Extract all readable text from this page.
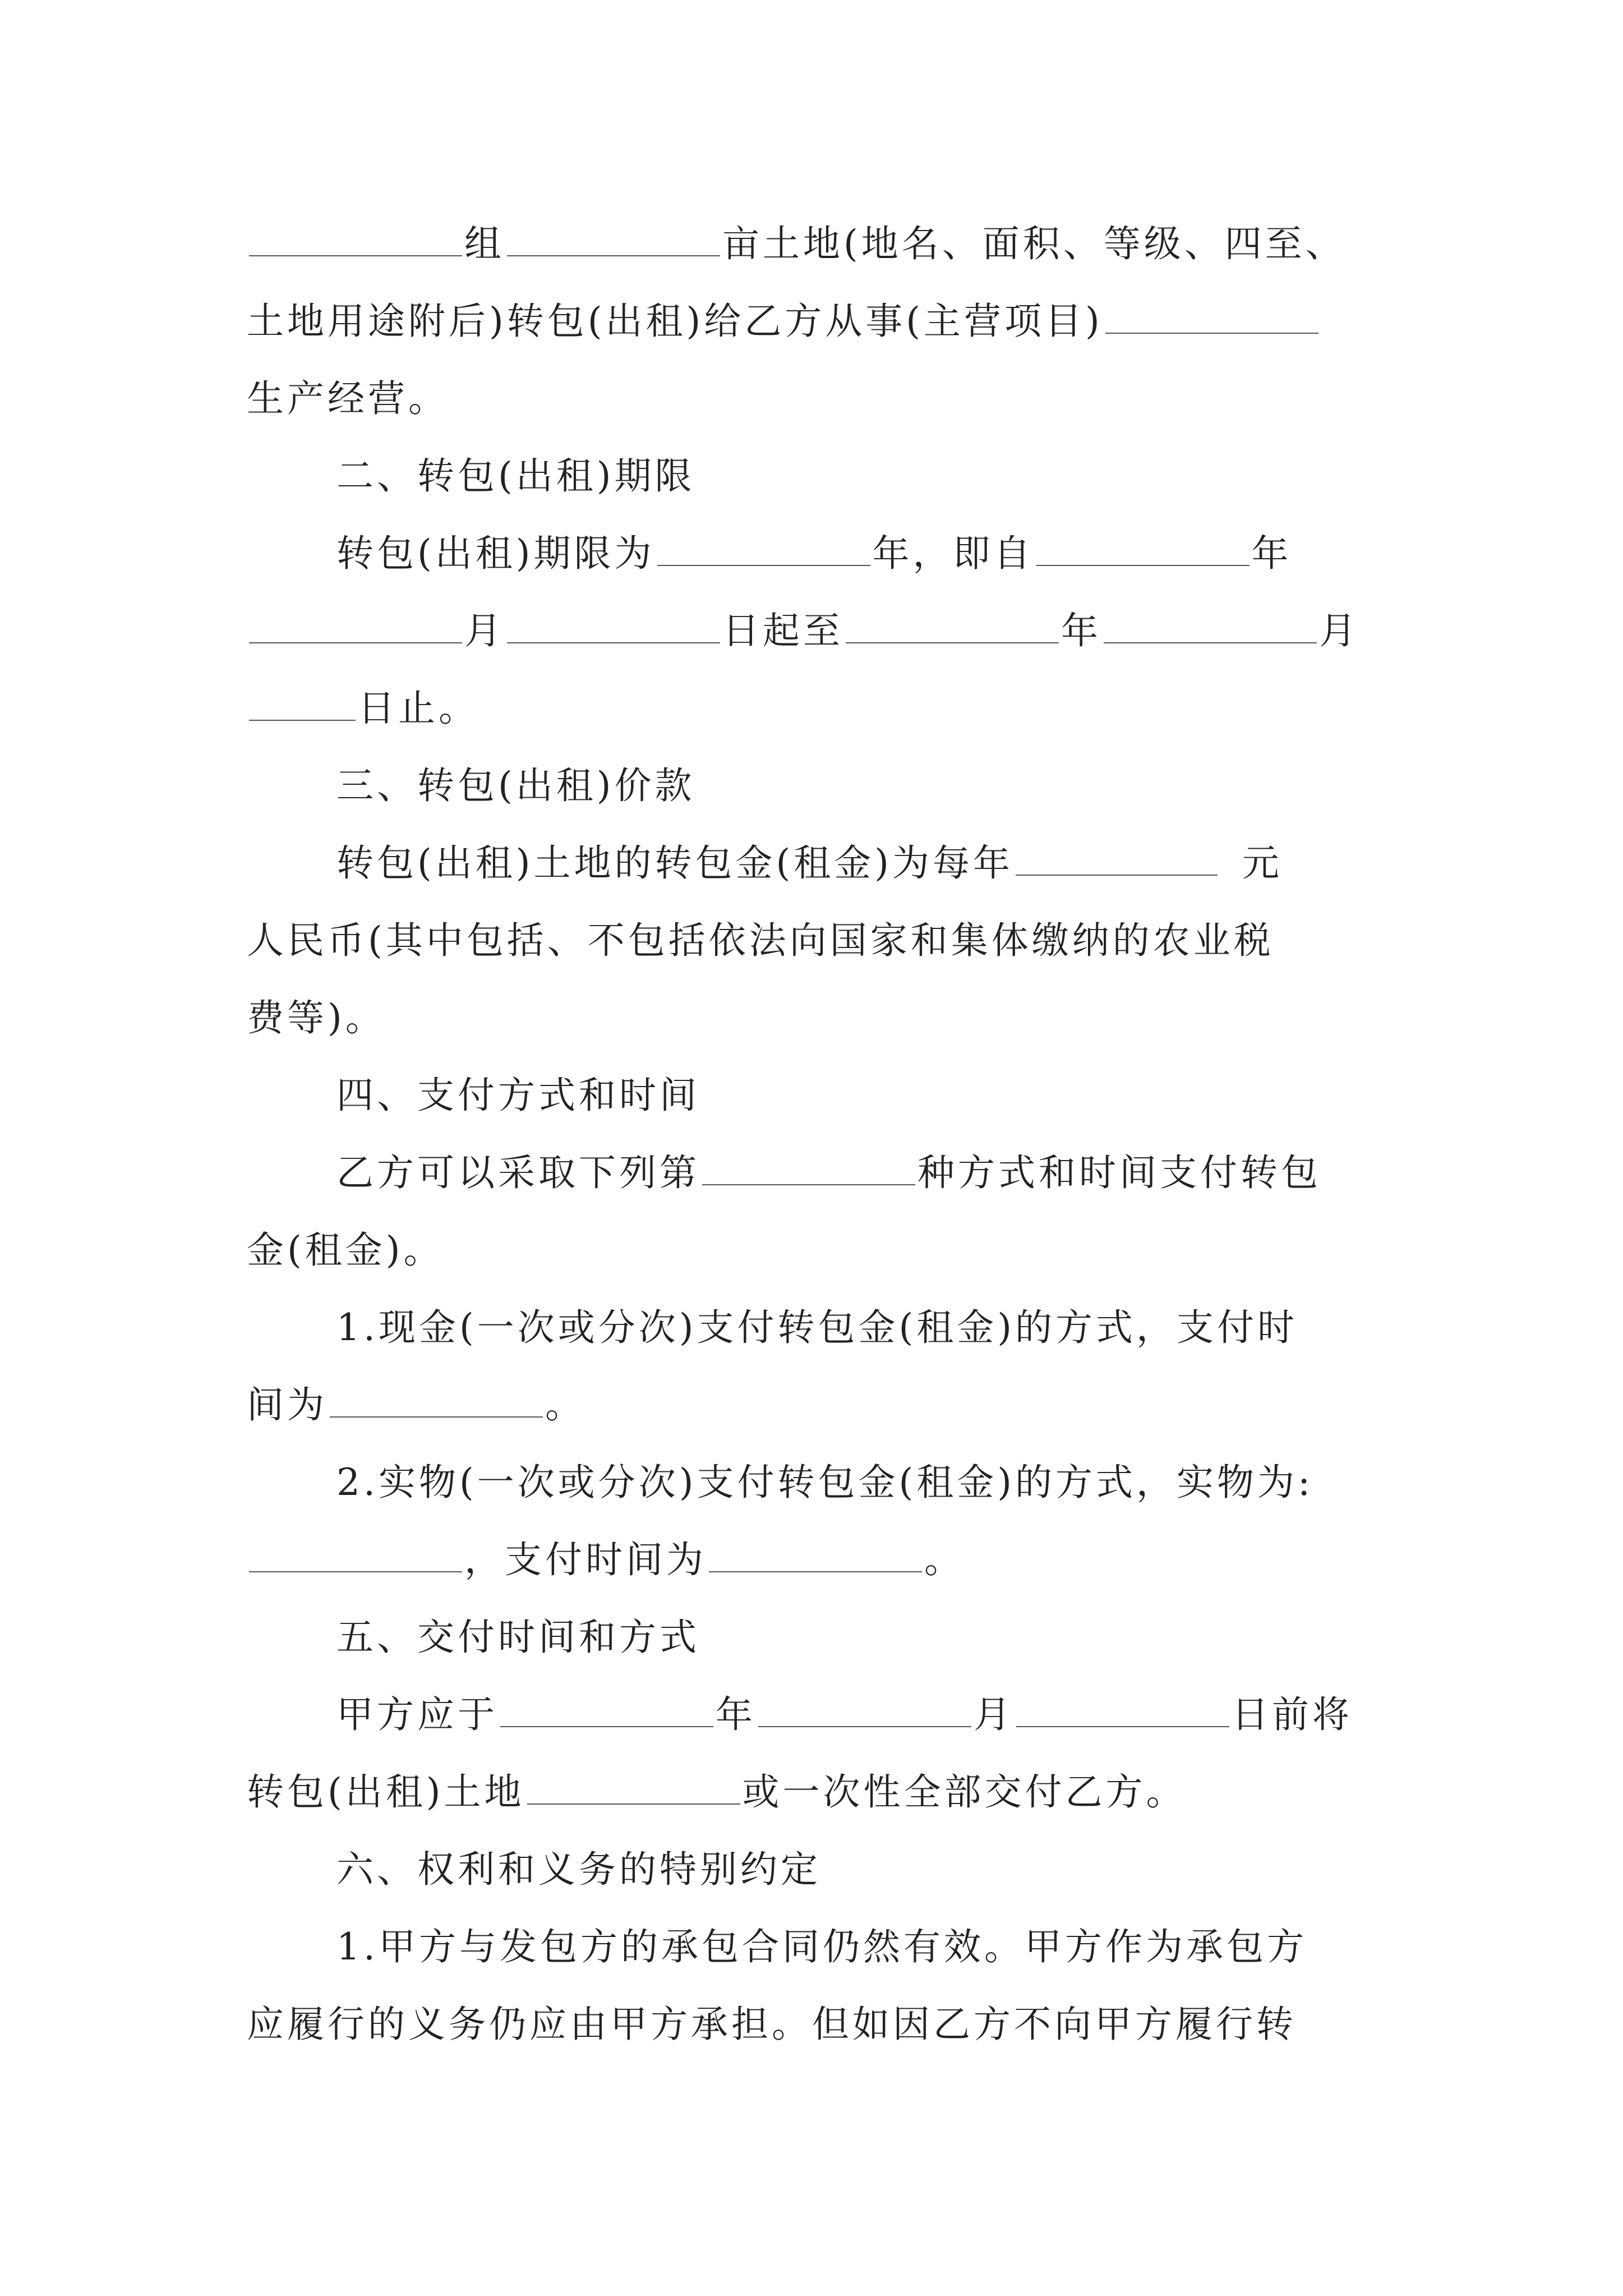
组	亩土地(地名、面积、等级、四至、
土地用途附后)转包(出租)给乙方从事(主营项目)
生产经营。
二、转包(出租)期限
转包(出租)期限为	年，即自	年
月	日起至	年	月
日止。
三、转包(出租)价款
转包(出租)土地的转包金(租金)为每年	元
人民币(其中包括、不包括依法向国家和集体缴纳的农业税
费等)。
四、支付方式和时间
乙方可以采取下列第	种方式和时间支付转包
金(租金)。
1.现金(一次或分次)支付转包金(租金)的方式，支付时
间为	。
2.实物(一次或分次)支付转包金(租金)的方式，实物为:
，支付时间为	。
五、交付时间和方式
甲方应于	年	月	日前将
转包(出租)土地	或一次性全部交付乙方。
六、权利和义务的特别约定
1.甲方与发包方的承包合同仍然有效。甲方作为承包方
应履行的义务仍应由甲方承担。但如因乙方不向甲方履行转
